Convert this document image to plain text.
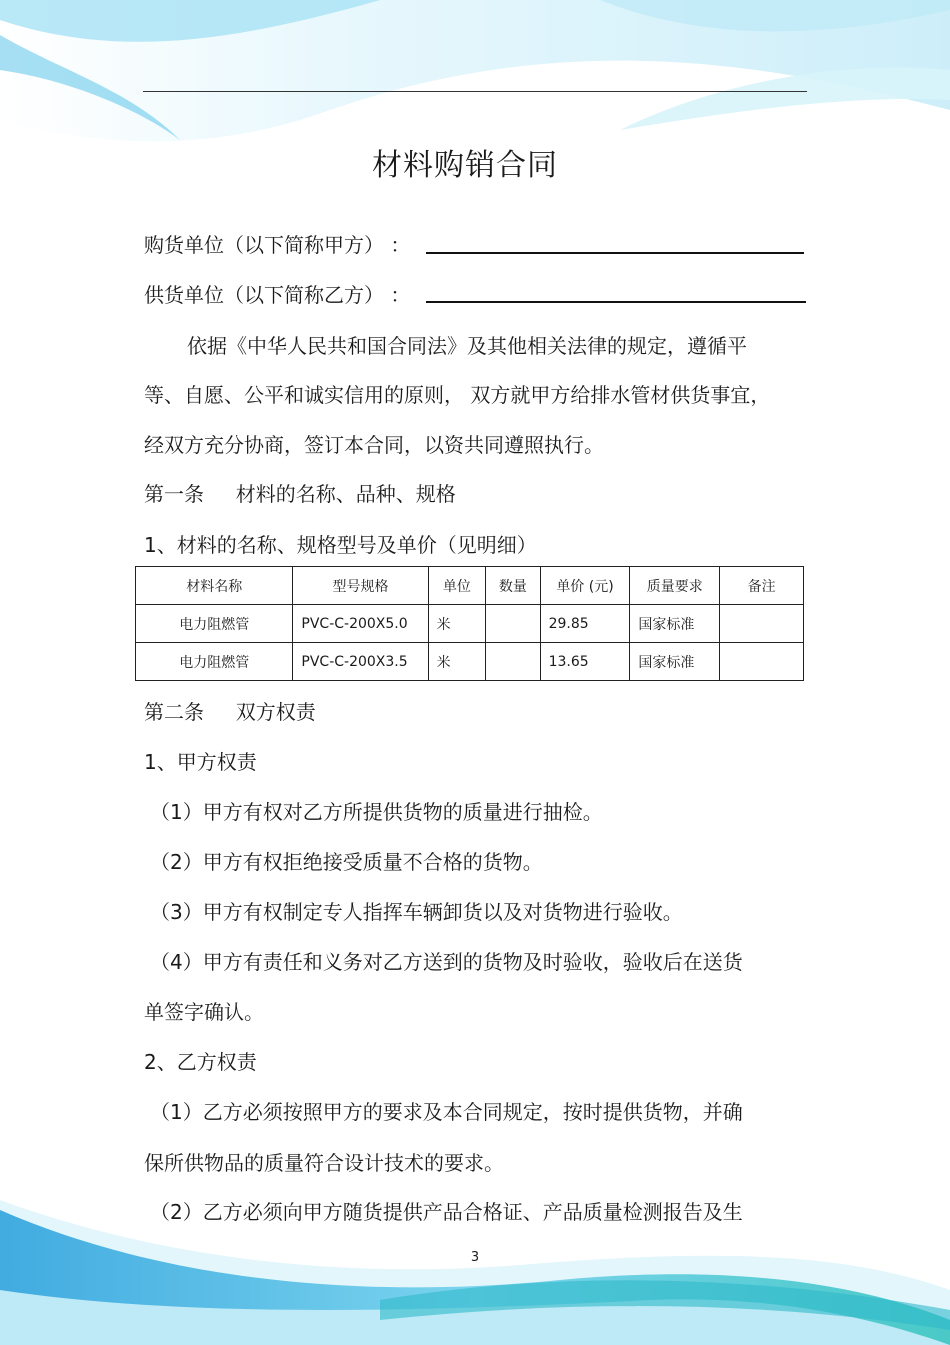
材料购销合同
购货单位（以下简称甲方） ：
供货单位（以下简称乙方） ：
依据《中华人民共和国合同法》及其他相关法律的规定，遵循平
等、自愿、公平和诚实信用的原则， 双方就甲方给排水管材供货事宜，
经双方充分协商，签订本合同，以资共同遵照执行。
第一条     材料的名称、品种、规格
1、材料的名称、规格型号及单价（见明细）
材料名称	型号规格	单位	数量	单价 (元)	质量要求	备注
电力阻燃管	PVC-C-200X5.0	米		29.85	国家标准	
电力阻燃管	PVC-C-200X3.5	米		13.65	国家标准	
第二条     双方权责
1、甲方权责
（1）甲方有权对乙方所提供货物的质量进行抽检。
（2）甲方有权拒绝接受质量不合格的货物。
（3）甲方有权制定专人指挥车辆卸货以及对货物进行验收。
（4）甲方有责任和义务对乙方送到的货物及时验收，验收后在送货
单签字确认。
2、乙方权责
（1）乙方必须按照甲方的要求及本合同规定，按时提供货物，并确
保所供物品的质量符合设计技术的要求。
（2）乙方必须向甲方随货提供产品合格证、产品质量检测报告及生
3
